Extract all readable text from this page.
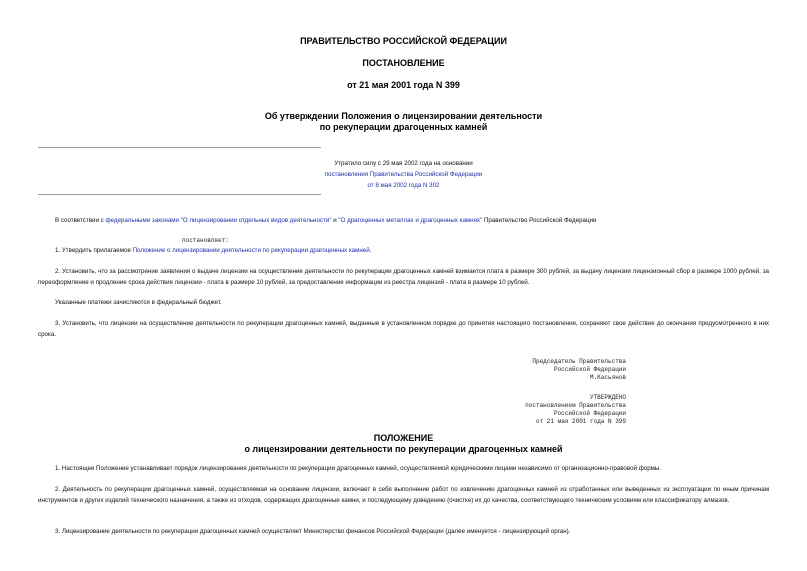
ПРАВИТЕЛЬСТВО РОССИЙСКОЙ ФЕДЕРАЦИИ
ПОСТАНОВЛЕНИЕ
от 21 мая 2001 года N 399
Об утверждении Положения о лицензировании деятельности
по рекуперации драгоценных камней
Утратило силу с 29 мая 2002 года на основании
постановления Правительства Российской Федерации
от 8 мая 2002 года N 302
В соответствии с федеральными законами "О лицензировании отдельных видов деятельности" и "О драгоценных металлах и драгоценных камнях" Правительство Российской Федерации
постановляет:
1. Утвердить прилагаемое Положение о лицензировании деятельности по рекуперации драгоценных камней.
2. Установить, что за рассмотрение заявления о выдаче лицензии на осуществление деятельности по рекуперации драгоценных камней взимается плата в размере 300 рублей, за выдачу лицензии лицензионный сбор в размере 1000 рублей, за переоформление и продление срока действия лицензии - плата в размере 10 рублей, за предоставление информации из реестра лицензий - плата в размере 10 рублей.
Указанные платежи зачисляются в федеральный бюджет.
3. Установить, что лицензии на осуществление деятельности по рекуперации драгоценных камней, выданные в установленном порядке до принятия настоящего постановления, сохраняют свое действие до окончания предусмотренного в них срока.
Председатель Правительства
Российской Федерации
М.Касьянов
УТВЕРЖДЕНО
постановлением Правительства
Российской Федерации
от 21 мая 2001 года N 399
ПОЛОЖЕНИЕ
о лицензировании деятельности по рекуперации драгоценных камней
1. Настоящее Положение устанавливает порядок лицензирования деятельности по рекуперации драгоценных камней, осуществляемой юридическими лицами независимо от организационно-правовой формы.
2. Деятельность по рекуперации драгоценных камней, осуществляемая на основании лицензии, включает в себя выполнение работ по извлечению драгоценных камней из отработанных или выведенных из эксплуатации по иным причинам инструментов и других изделий технического назначения, а также из отходов, содержащих драгоценные камни, и последующему доведению (очистке) их до качества, соответствующего техническим условиям или классификатору алмазов.
3. Лицензирование деятельности по рекуперации драгоценных камней осуществляет Министерство финансов Российской Федерации (далее именуется - лицензирующий орган).
